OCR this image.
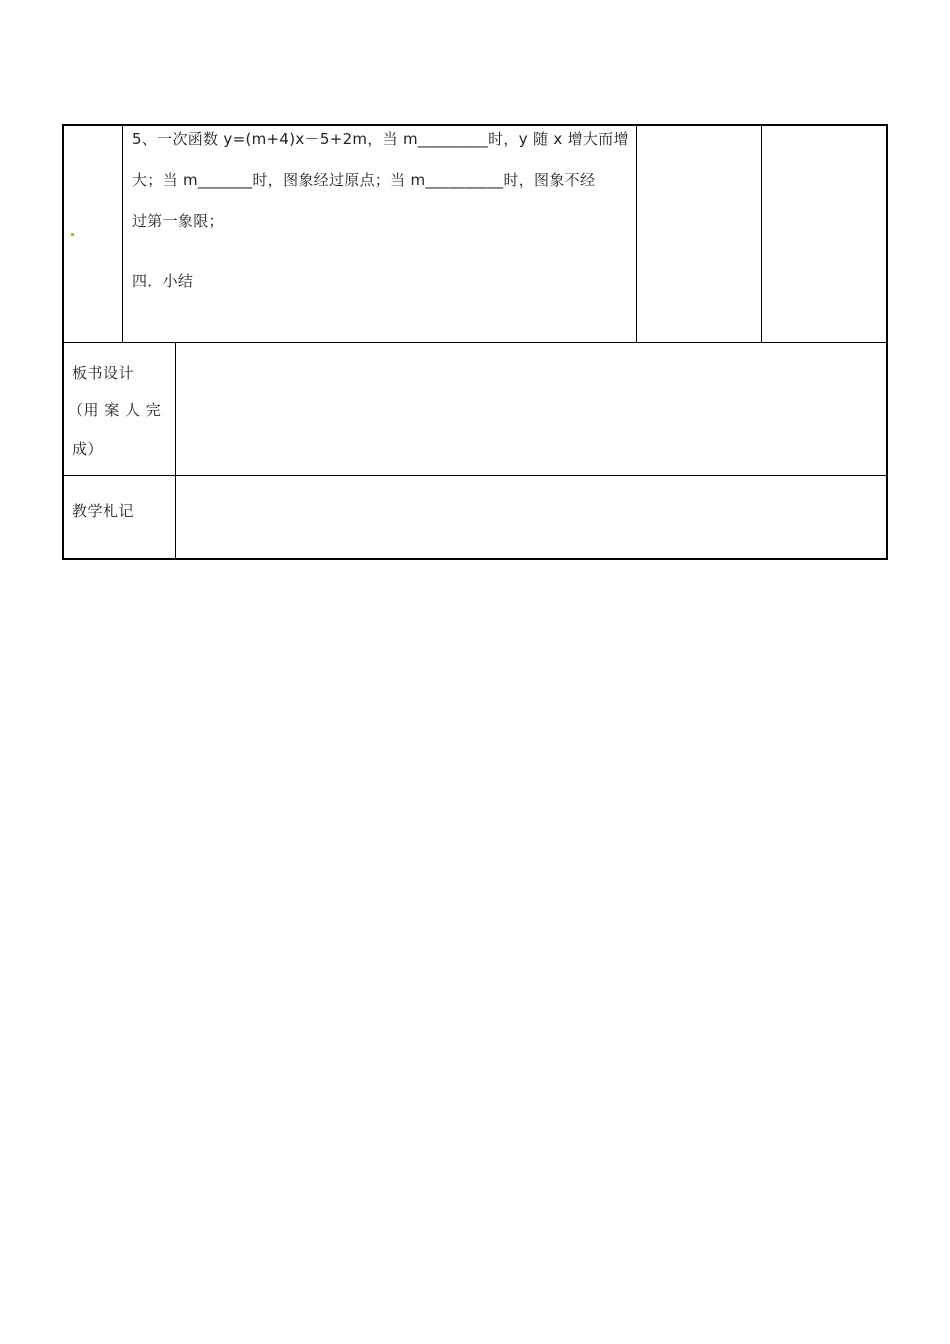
5、一次函数 y=(m+4)x－5+2m，当 m_________时，y 随 x 增大而增
大；当 m_______时，图象经过原点；当 m__________时，图象不经
过第一象限；
四．小结
板书设计
（用 案 人 完
成）
教学札记
